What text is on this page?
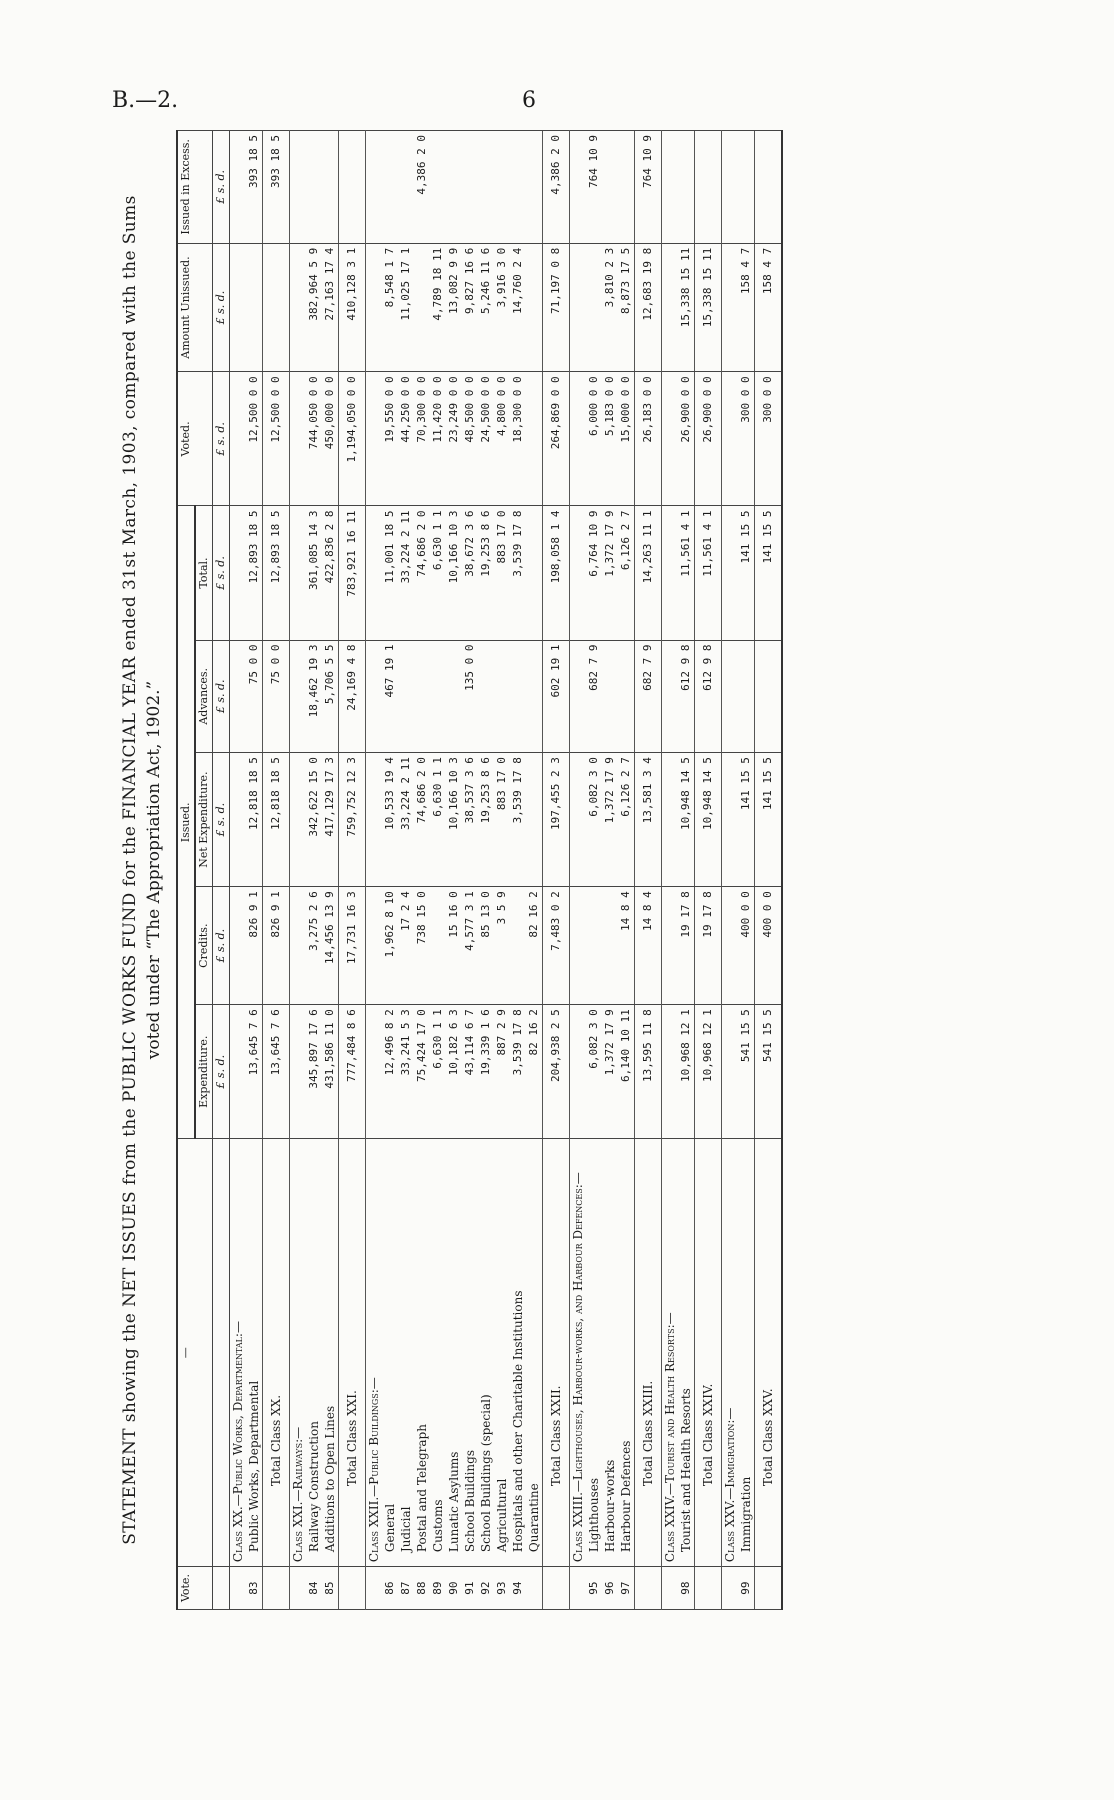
B.—2.	6
STATEMENT showing the NET ISSUES from the PUBLIC WORKS FUND for the FINANCIAL YEAR ended 31st March, 1903, compared with the Sums voted under “The Appropriation Act, 1902.”
Vote.	—	Issued.					Voted.	Amount Unissued.	Issued in Excess.
		Expenditure.	Credits.	Net Expenditure.	Advances.	Total.			
		£ s. d.	£ s. d.	£ s. d.	£ s. d.	£ s. d.	£ s. d.	£ s. d.	£ s. d.
	Class XX.—Public Works, Departmental:—								
83	Public Works, Departmental	13,645 7 6	826 9 1	12,818 18 5	75 0 0	12,893 18 5	12,500 0 0		393 18 5
	Total Class XX.	13,645 7 6	826 9 1	12,818 18 5	75 0 0	12,893 18 5	12,500 0 0		393 18 5
	Class XXI.—Railways:—								
84	Railway Construction	345,897 17 6	3,275 2 6	342,622 15 0	18,462 19 3	361,085 14 3	744,050 0 0	382,964 5 9	
85	Additions to Open Lines	431,586 11 0	14,456 13 9	417,129 17 3	5,706 5 5	422,836 2 8	450,000 0 0	27,163 17 4	
	Total Class XXI.	777,484 8 6	17,731 16 3	759,752 12 3	24,169 4 8	783,921 16 11	1,194,050 0 0	410,128 3 1	
	Class XXII.—Public Buildings:—								
86	General	12,496 8 2	1,962 8 10	10,533 19 4	467 19 1	11,001 18 5	19,550 0 0	8,548 1 7	
87	Judicial	33,241 5 3	17 2 4	33,224 2 11		33,224 2 11	44,250 0 0	11,025 17 1	
88	Postal and Telegraph	75,424 17 0	738 15 0	74,686 2 0		74,686 2 0	70,300 0 0		4,386 2 0
89	Customs	6,630 1 1		6,630 1 1		6,630 1 1	11,420 0 0	4,789 18 11	
90	Lunatic Asylums	10,182 6 3	15 16 0	10,166 10 3		10,166 10 3	23,249 0 0	13,082 9 9	
91	School Buildings	43,114 6 7	4,577 3 1	38,537 3 6	135 0 0	38,672 3 6	48,500 0 0	9,827 16 6	
92	School Buildings (special)	19,339 1 6	85 13 0	19,253 8 6		19,253 8 6	24,500 0 0	5,246 11 6	
93	Agricultural	887 2 9	3 5 9	883 17 0		883 17 0	4,800 0 0	3,916 3 0	
94	Hospitals and other Charitable Institutions	3,539 17 8		3,539 17 8		3,539 17 8	18,300 0 0	14,760 2 4	
	Quarantine	82 16 2	82 16 2						
	Total Class XXII.	204,938 2 5	7,483 0 2	197,455 2 3	602 19 1	198,058 1 4	264,869 0 0	71,197 0 8	4,386 2 0
	Class XXIII.—Lighthouses, Harbour-works, and Harbour Defences:—								
95	Lighthouses	6,082 3 0		6,082 3 0	682 7 9	6,764 10 9	6,000 0 0		764 10 9
96	Harbour-works	1,372 17 9		1,372 17 9		1,372 17 9	5,183 0 0	3,810 2 3	
97	Harbour Defences	6,140 10 11	14 8 4	6,126 2 7		6,126 2 7	15,000 0 0	8,873 17 5	
	Total Class XXIII.	13,595 11 8	14 8 4	13,581 3 4	682 7 9	14,263 11 1	26,183 0 0	12,683 19 8	764 10 9
	Class XXIV.—Tourist and Health Resorts:—								
98	Tourist and Health Resorts	10,968 12 1	19 17 8	10,948 14 5	612 9 8	11,561 4 1	26,900 0 0	15,338 15 11	
	Total Class XXIV.	10,968 12 1	19 17 8	10,948 14 5	612 9 8	11,561 4 1	26,900 0 0	15,338 15 11	
	Class XXV.—Immigration:—								
99	Immigration	541 15 5	400 0 0	141 15 5		141 15 5	300 0 0	158 4 7	
	Total Class XXV.	541 15 5	400 0 0	141 15 5		141 15 5	300 0 0	158 4 7	
